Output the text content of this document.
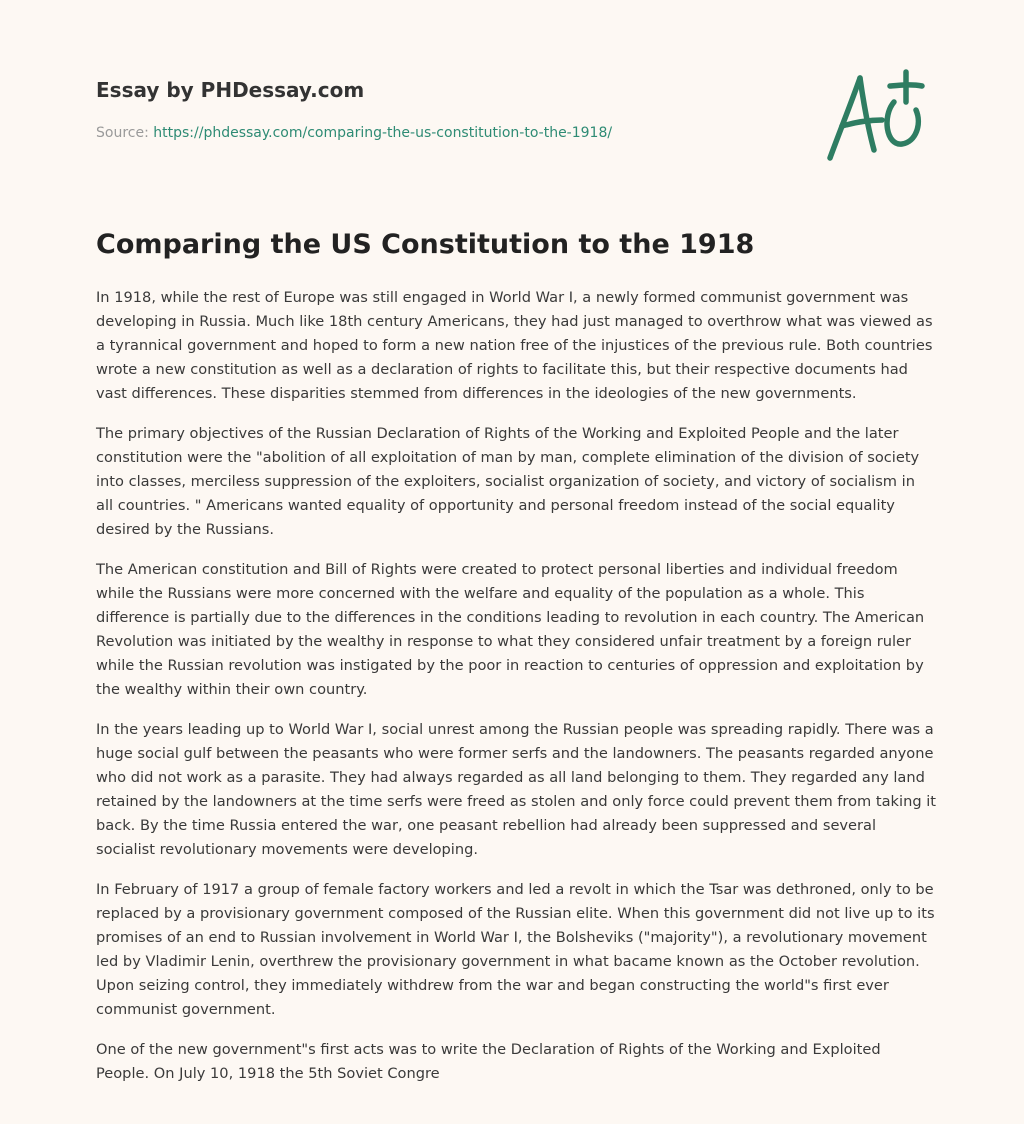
Essay by PHDessay.com

Source: https://phdessay.com/comparing-the-us-constitution-to-the-1918/

Comparing the US Constitution to the 1918

In 1918, while the rest of Europe was still engaged in World War I, a newly formed communist government was developing in Russia. Much like 18th century Americans, they had just managed to overthrow what was viewed as a tyrannical government and hoped to form a new nation free of the injustices of the previous rule. Both countries wrote a new constitution as well as a declaration of rights to facilitate this, but their respective documents had vast differences. These disparities stemmed from differences in the ideologies of the new governments.

The primary objectives of the Russian Declaration of Rights of the Working and Exploited People and the later constitution were the "abolition of all exploitation of man by man, complete elimination of the division of society into classes, merciless suppression of the exploiters, socialist organization of society, and victory of socialism in all countries. " Americans wanted equality of opportunity and personal freedom instead of the social equality desired by the Russians.

The American constitution and Bill of Rights were created to protect personal liberties and individual freedom while the Russians were more concerned with the welfare and equality of the population as a whole. This difference is partially due to the differences in the conditions leading to revolution in each country. The American Revolution was initiated by the wealthy in response to what they considered unfair treatment by a foreign ruler while the Russian revolution was instigated by the poor in reaction to centuries of oppression and exploitation by the wealthy within their own country.

In the years leading up to World War I, social unrest among the Russian people was spreading rapidly. There was a huge social gulf between the peasants who were former serfs and the landowners. The peasants regarded anyone who did not work as a parasite. They had always regarded as all land belonging to them. They regarded any land retained by the landowners at the time serfs were freed as stolen and only force could prevent them from taking it back. By the time Russia entered the war, one peasant rebellion had already been suppressed and several socialist revolutionary movements were developing.

In February of 1917 a group of female factory workers and led a revolt in which the Tsar was dethroned, only to be replaced by a provisionary government composed of the Russian elite. When this government did not live up to its promises of an end to Russian involvement in World War I, the Bolsheviks ("majority"), a revolutionary movement led by Vladimir Lenin, overthrew the provisionary government in what bacame known as the October revolution. Upon seizing control, they immediately withdrew from the war and began constructing the world"s first ever communist government.

One of the new government"s first acts was to write the Declaration of Rights of the Working and Exploited People. On July 10, 1918 the 5th Soviet Congre
